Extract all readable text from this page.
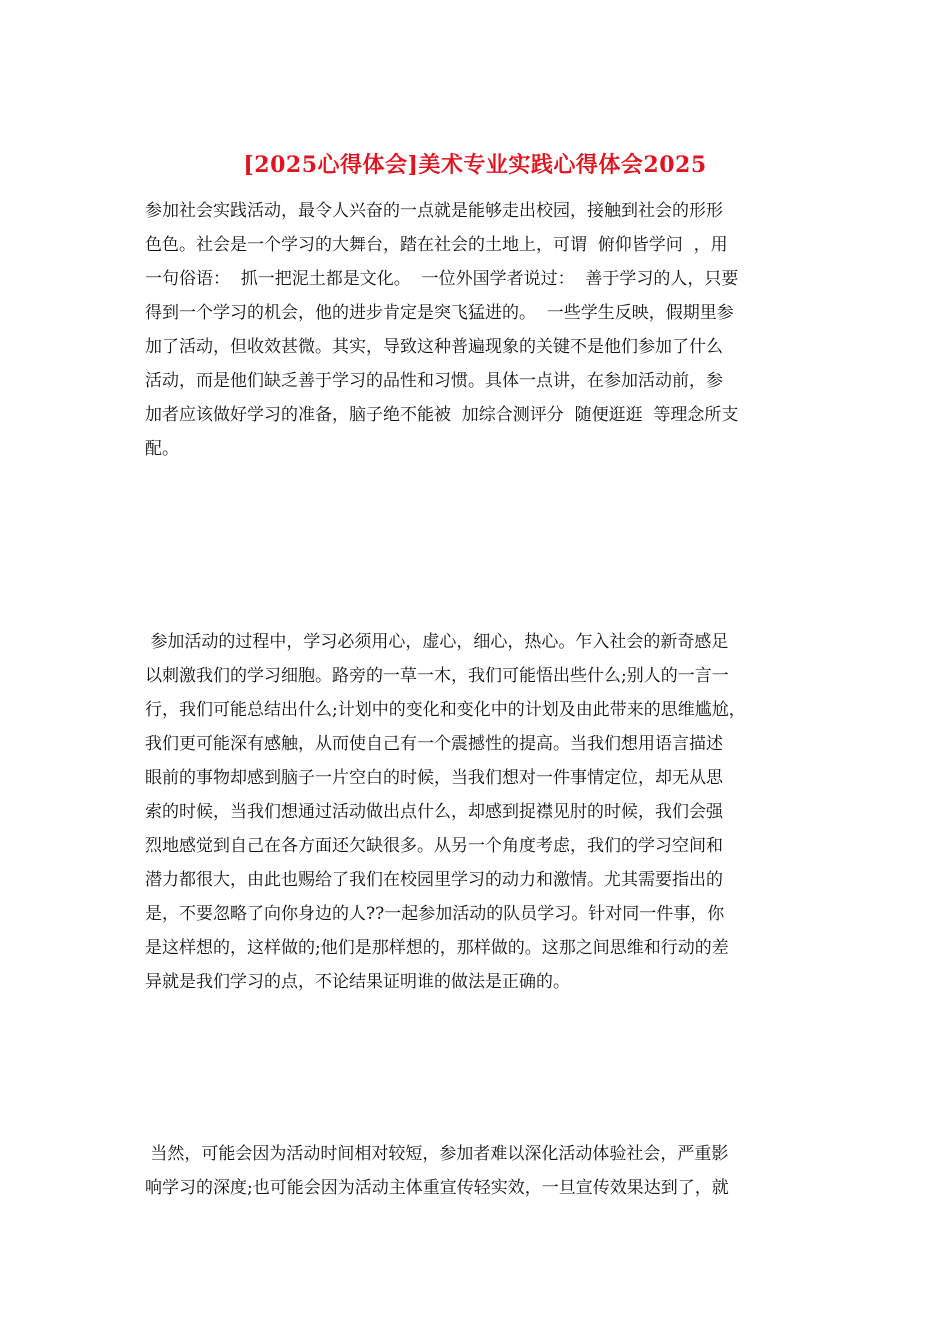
[2025心得体会]美术专业实践心得体会2025
参加社会实践活动，最令人兴奋的一点就是能够走出校园，接触到社会的形形
色色。社会是一个学习的大舞台，踏在社会的土地上，可谓  俯仰皆学问  ，用
一句俗语：  抓一把泥土都是文化。  一位外国学者说过：  善于学习的人，只要
得到一个学习的机会，他的进步肯定是突飞猛进的。  一些学生反映，假期里参
加了活动，但收效甚微。其实，导致这种普遍现象的关键不是他们参加了什么
活动，而是他们缺乏善于学习的品性和习惯。具体一点讲，在参加活动前，参
加者应该做好学习的准备，脑子绝不能被  加综合测评分  随便逛逛  等理念所支
配。
参加活动的过程中，学习必须用心，虚心，细心，热心。乍入社会的新奇感足
以刺激我们的学习细胞。路旁的一草一木，我们可能悟出些什么;别人的一言一
行，我们可能总结出什么;计划中的变化和变化中的计划及由此带来的思维尴尬，
我们更可能深有感触，从而使自己有一个震撼性的提高。当我们想用语言描述
眼前的事物却感到脑子一片空白的时候，当我们想对一件事情定位，却无从思
索的时候，当我们想通过活动做出点什么，却感到捉襟见肘的时候，我们会强
烈地感觉到自己在各方面还欠缺很多。从另一个角度考虑，我们的学习空间和
潜力都很大，由此也赐给了我们在校园里学习的动力和激情。尤其需要指出的
是，不要忽略了向你身边的人??一起参加活动的队员学习。针对同一件事，你
是这样想的，这样做的;他们是那样想的，那样做的。这那之间思维和行动的差
异就是我们学习的点，不论结果证明谁的做法是正确的。
当然，可能会因为活动时间相对较短，参加者难以深化活动体验社会，严重影
响学习的深度;也可能会因为活动主体重宣传轻实效，一旦宣传效果达到了，就
